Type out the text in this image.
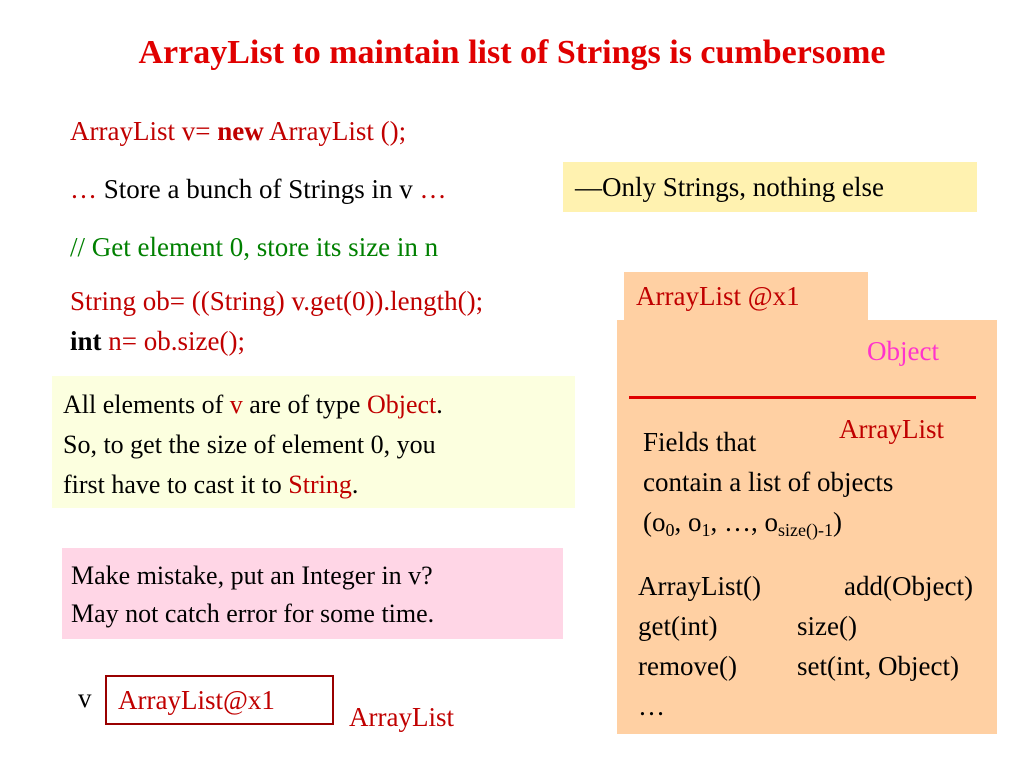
ArrayList to maintain list of Strings is cumbersome
ArrayList v= new ArrayList ();
… Store a bunch of Strings in v …	—Only Strings, nothing else
// Get element 0, store its size in n
String ob= ((String) v.get(0)).length();
int n= ob.size();
All elements of v are of type Object.
So, to get the size of element 0, you
first have to cast it to String.
Make mistake, put an Integer in v?
May not catch error for some time.
ArrayList @x1
Object
ArrayList
Fields that
contain a list of objects
($o_0$, $o_1$, …, $o_{size()-1}$)
ArrayList()	add(Object)
get(int)	size()
remove() set(int, Object)
…
v ArrayList@x1
ArrayList
